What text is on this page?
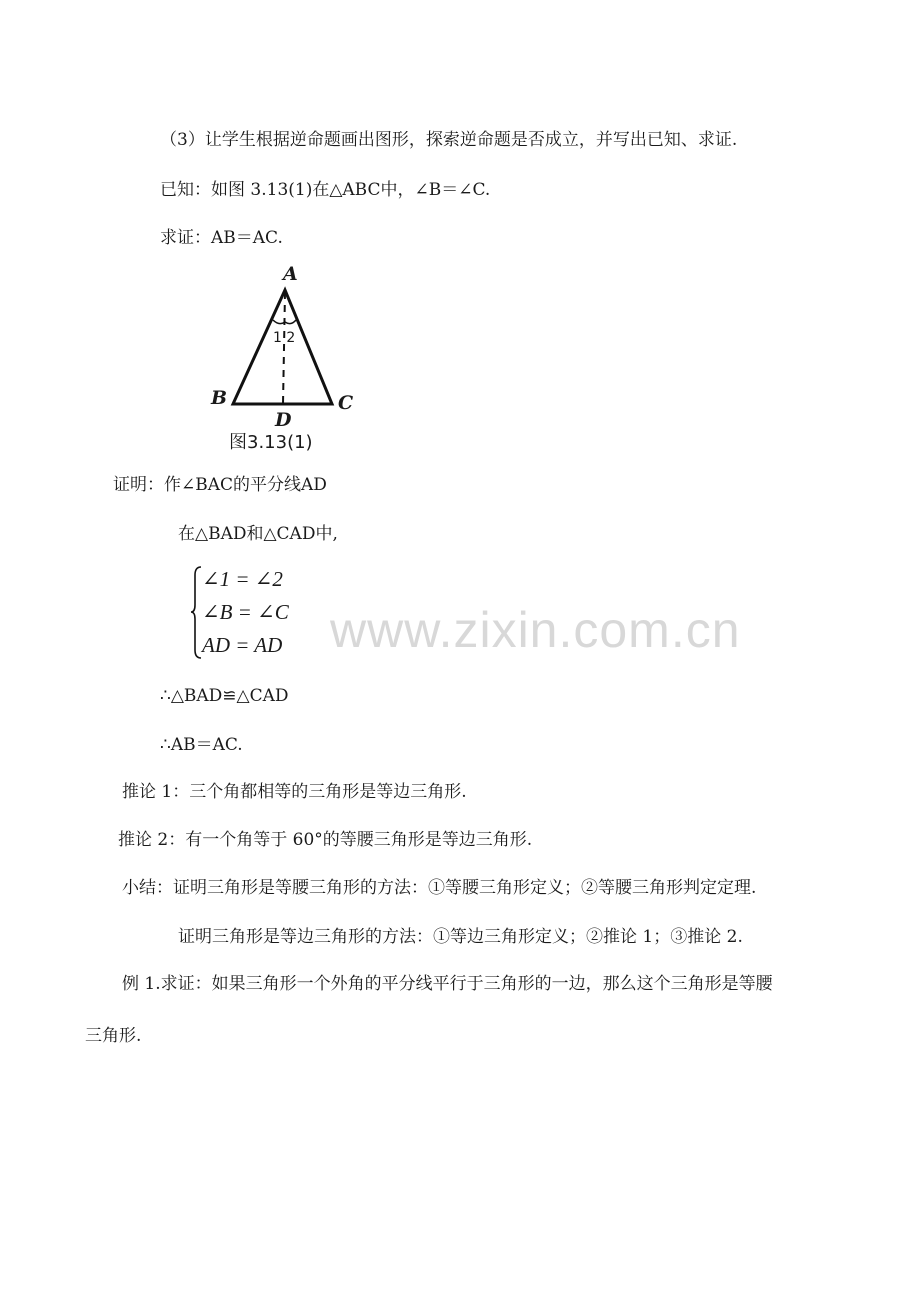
（3）让学生根据逆命题画出图形，探索逆命题是否成立，并写出已知、求证.
已知：如图 3.13(1)在△ABC中，∠B＝∠C.
求证：AB＝AC.
A
B	C
D
1 2
图3.13(1)
证明：作∠BAC的平分线AD
在△BAD和△CAD中,
∠1 = ∠2
∠B = ∠C
AD = AD www.zixin.com.cn
∴△BAD≌△CAD
∴AB＝AC.
推论 1：三个角都相等的三角形是等边三角形.
推论 2：有一个角等于 60°的等腰三角形是等边三角形.
小结：证明三角形是等腰三角形的方法：①等腰三角形定义；②等腰三角形判定定理.
证明三角形是等边三角形的方法：①等边三角形定义；②推论 1；③推论 2.
例 1.求证：如果三角形一个外角的平分线平行于三角形的一边，那么这个三角形是等腰
三角形.
